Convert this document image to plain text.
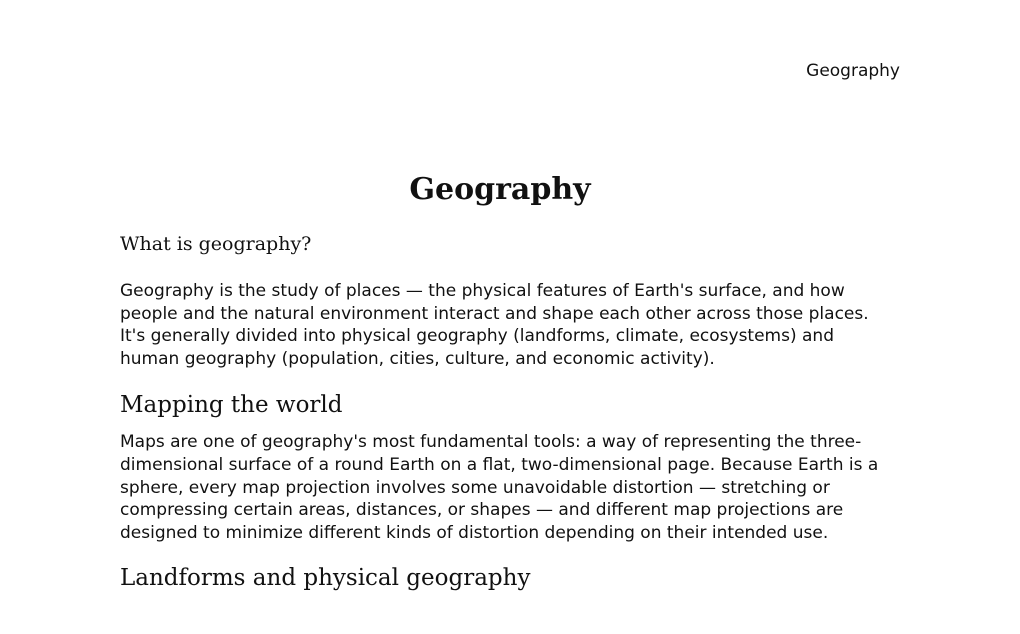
Geography
Geography
What is geography?

Geography is the study of places — the physical features of Earth's surface, and how people and the natural environment interact and shape each other across those places. It's generally divided into physical geography (landforms, climate, ecosystems) and human geography (population, cities, culture, and economic activity).

Mapping the world

Maps are one of geography's most fundamental tools: a way of representing the three-dimensional surface of a round Earth on a flat, two-dimensional page. Because Earth is a sphere, every map projection involves some unavoidable distortion — stretching or compressing certain areas, distances, or shapes — and different map projections are designed to minimize different kinds of distortion depending on their intended use.

Landforms and physical geography
